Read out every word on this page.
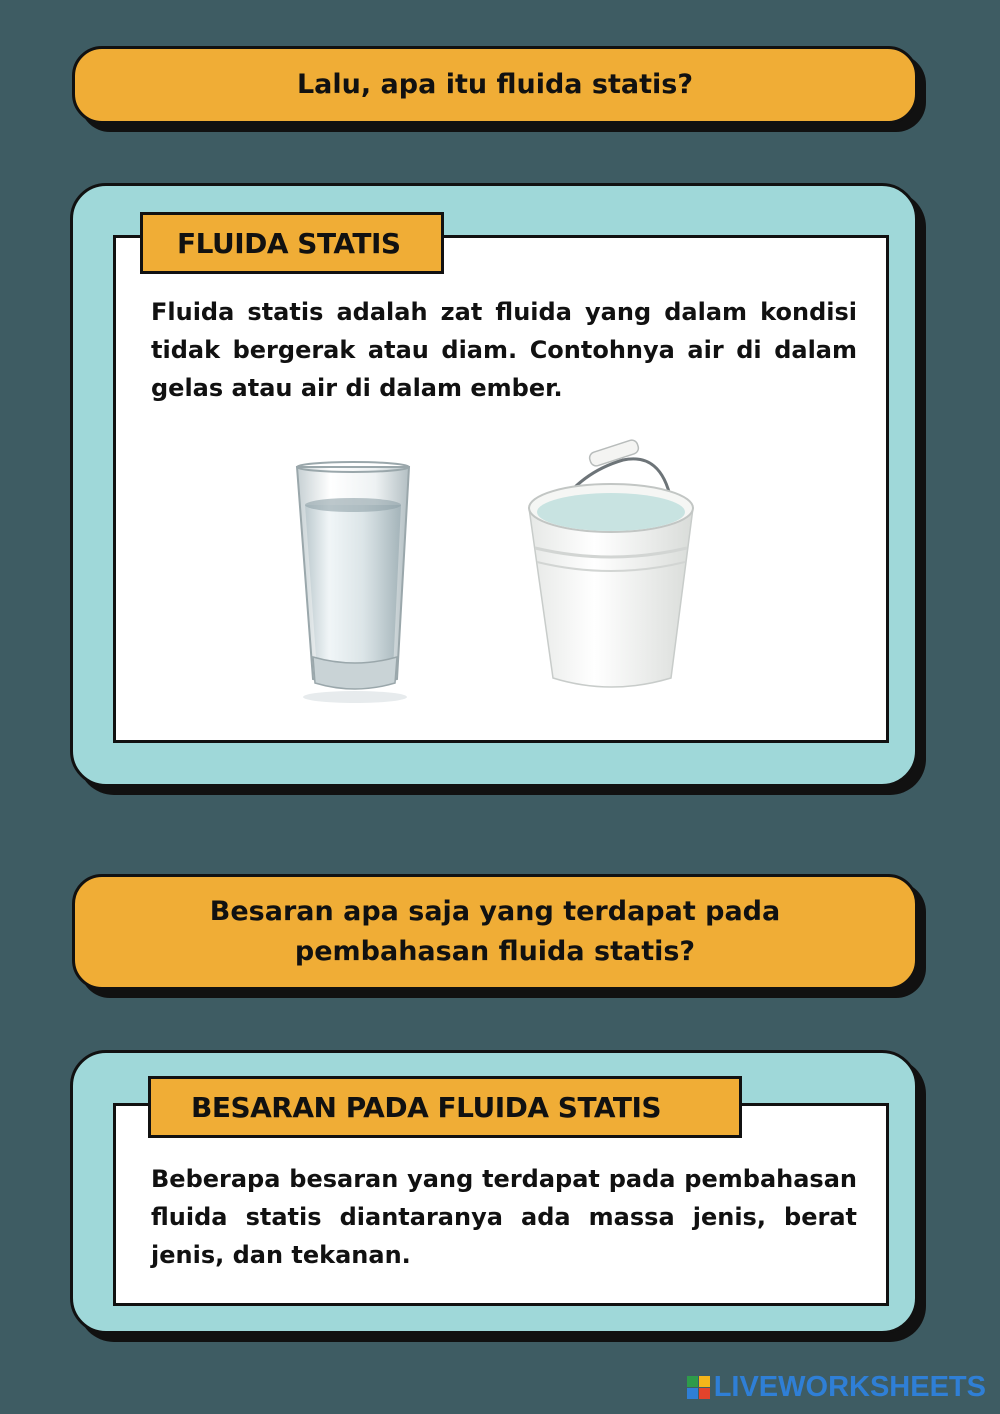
Lalu, apa itu fluida statis?
FLUIDA STATIS

Fluida statis adalah zat fluida yang dalam kondisi tidak bergerak atau diam. Contohnya air di dalam gelas atau air di dalam ember.

Besaran apa saja yang terdapat pada
pembahasan fluida statis?
BESARAN PADA FLUIDA STATIS

Beberapa besaran yang terdapat pada pembahasan fluida statis diantaranya ada massa jenis, berat jenis, dan tekanan.

LIVEWORKSHEETS
